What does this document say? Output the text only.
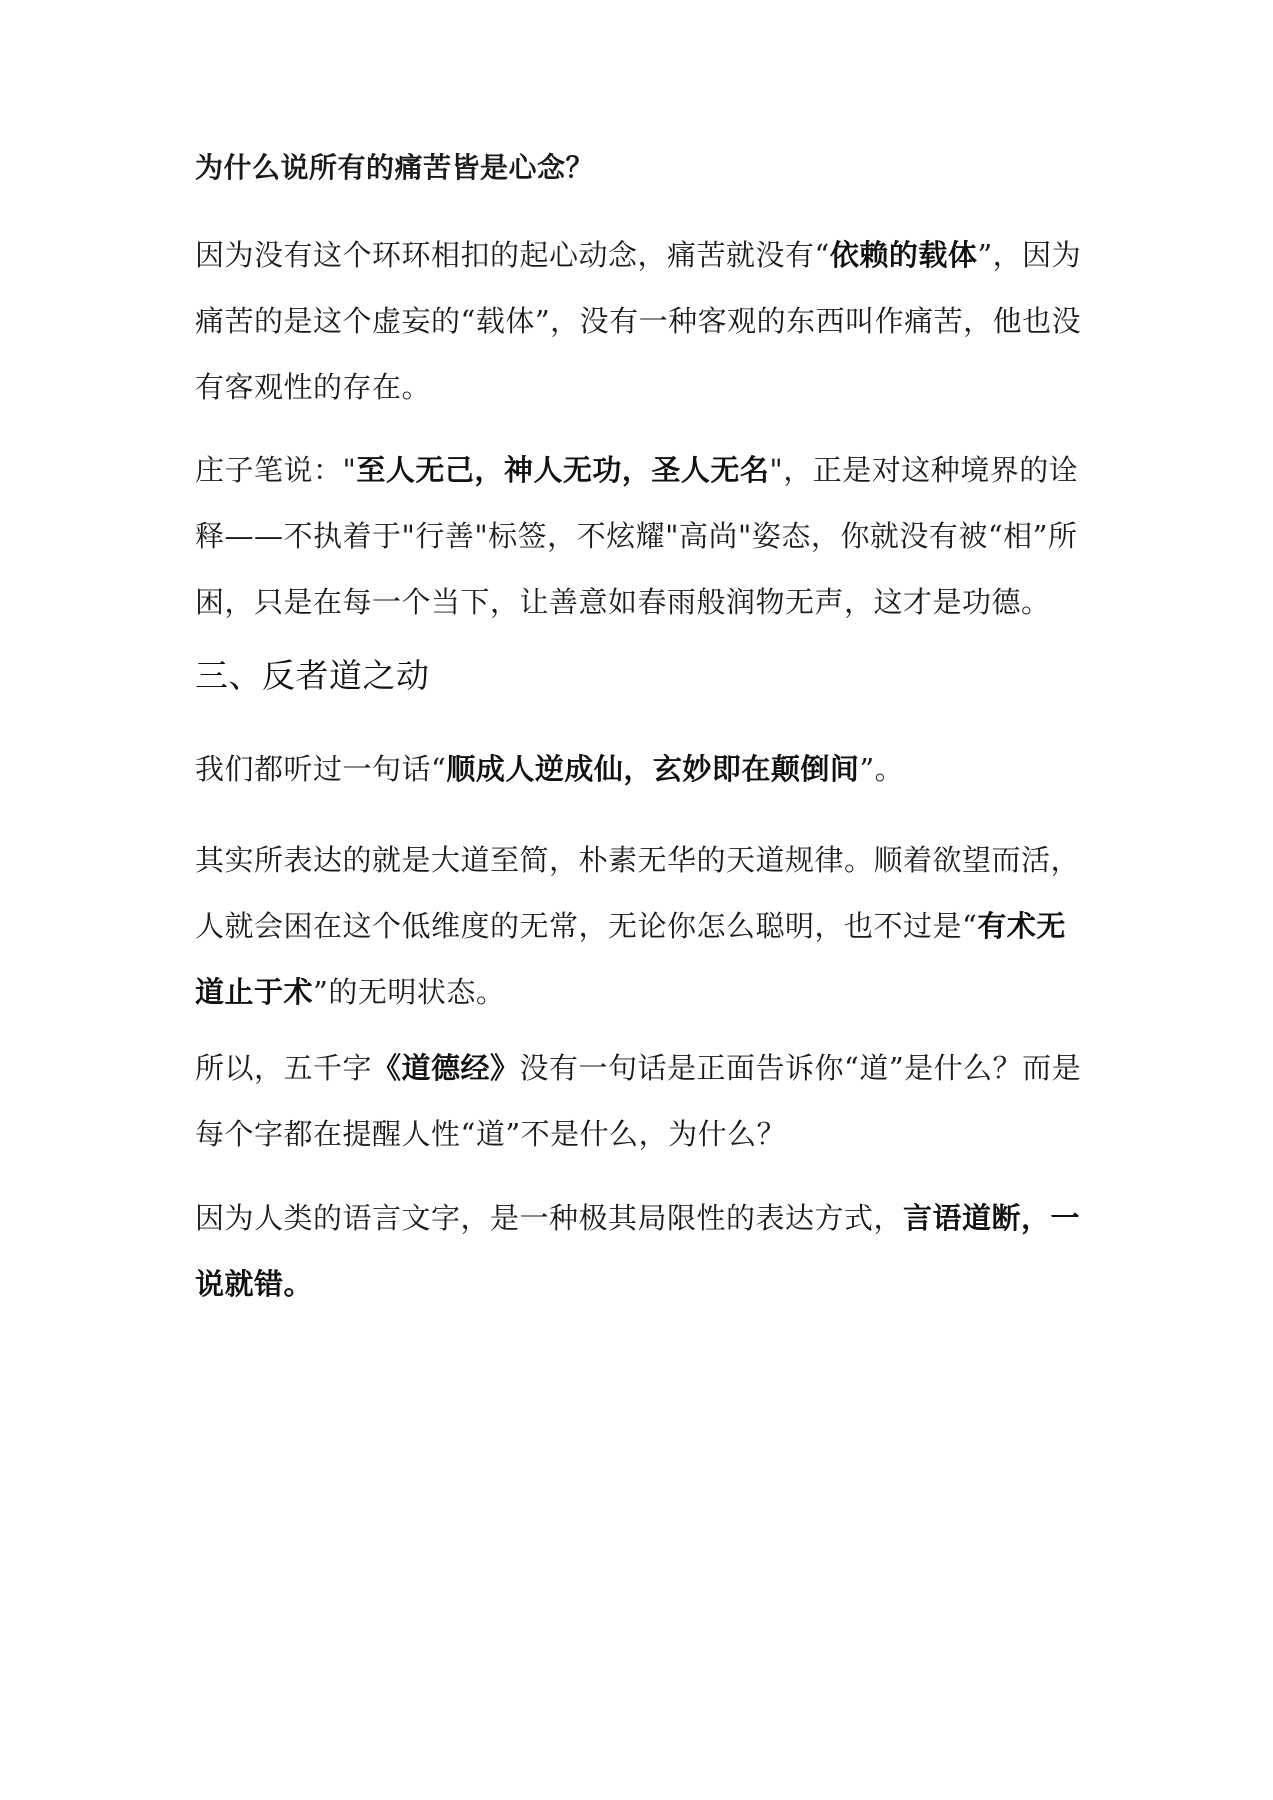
为什么说所有的痛苦皆是心念？

因为没有这个环环相扣的起心动念，痛苦就没有“依赖的载体”，因为痛苦的是这个虚妄的“载体”，没有一种客观的东西叫作痛苦，他也没有客观性的存在。

庄子笔说："至人无己，神人无功，圣人无名"，正是对这种境界的诠释——不执着于"行善"标签，不炫耀"高尚"姿态，你就没有被“相”所困，只是在每一个当下，让善意如春雨般润物无声，这才是功德。

三、反者道之动

我们都听过一句话“顺成人逆成仙，玄妙即在颠倒间”。

其实所表达的就是大道至简，朴素无华的天道规律。顺着欲望而活，人就会困在这个低维度的无常，无论你怎么聪明，也不过是“有术无道止于术”的无明状态。

所以，五千字《道德经》没有一句话是正面告诉你“道”是什么？而是每个字都在提醒人性“道”不是什么，为什么？

因为人类的语言文字，是一种极其局限性的表达方式，言语道断，一说就错。
